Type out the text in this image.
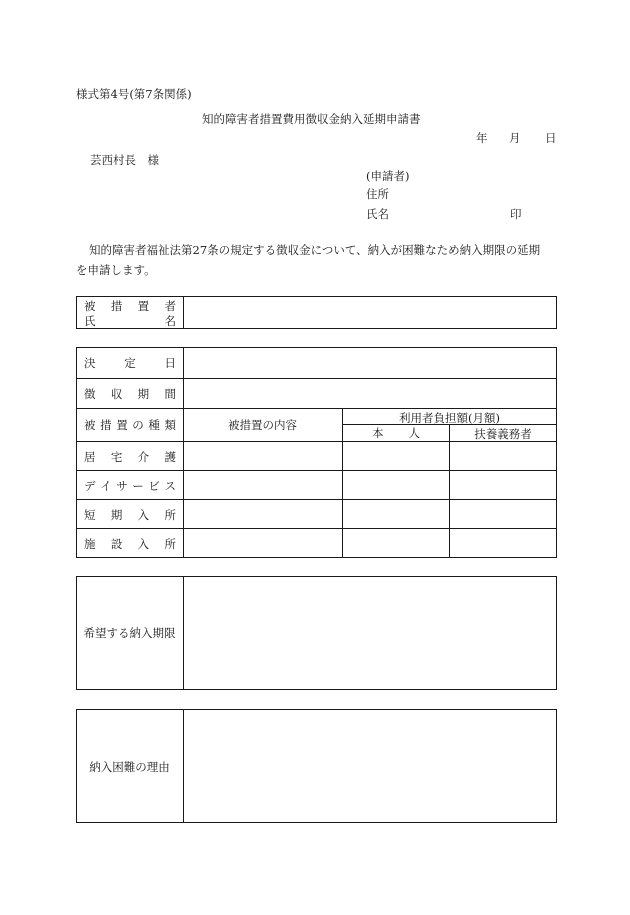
様式第4号(第7条関係)
知的障害者措置費用徴収金納入延期申請書
年 月 日
芸西村長　様
(申請者)
住所
氏名	印
知的障害者福祉法第27条の規定する徴収金について、納入が困難なため納入期限の延期
を申請します。
被 措 置 者
氏	名
決	定	日
徴 収 期 間
被 措 置 の 種 類	被措置の内容	利用者負担額(月額)
本 人	扶養義務者
居 宅 介 護
デ イ サ ー ビ ス
短 期 入 所
施 設 入 所
希望する納入期限
納入困難の理由
